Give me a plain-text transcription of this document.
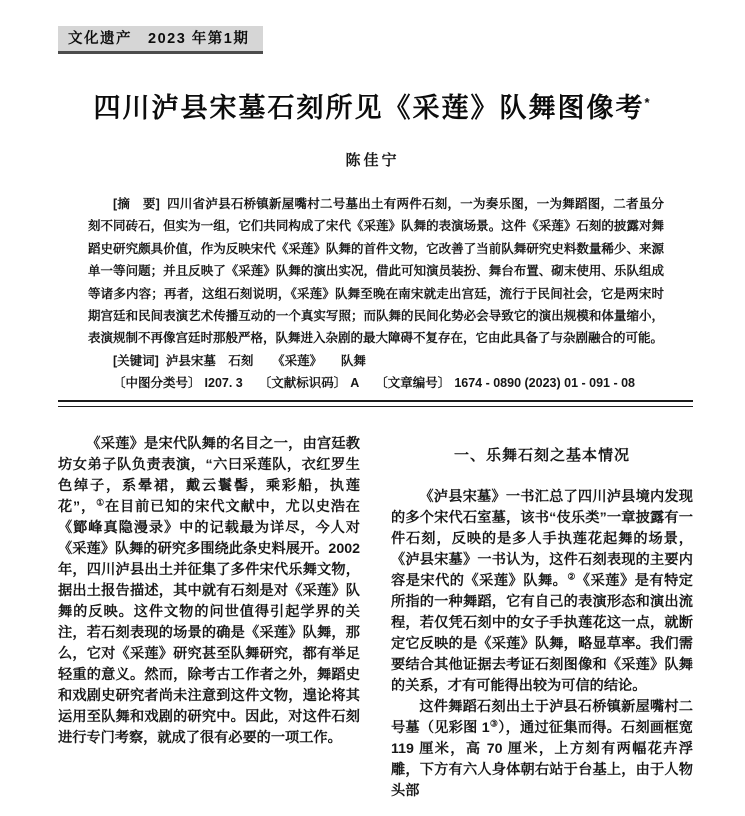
文化遗产　2023 年第1期
四川泸县宋墓石刻所见《采莲》队舞图像考*
陈佳宁

[摘　要] 四川省泸县石桥镇新屋嘴村二号墓出土有两件石刻，一为奏乐图，一为舞蹈图，二者虽分刻不同砖石，但实为一组，它们共同构成了宋代《采莲》队舞的表演场景。这件《采莲》石刻的披露对舞蹈史研究颇具价值，作为反映宋代《采莲》队舞的首件文物，它改善了当前队舞研究史料数量稀少、来源单一等问题；并且反映了《采莲》队舞的演出实况，借此可知演员装扮、舞台布置、砌末使用、乐队组成等诸多内容；再者，这组石刻说明，《采莲》队舞至晚在南宋就走出宫廷，流行于民间社会，它是两宋时期宫廷和民间表演艺术传播互动的一个真实写照；而队舞的民间化势必会导致它的演出规模和体量缩小，表演规制不再像宫廷时那般严格，队舞进入杂剧的最大障碍不复存在，它由此具备了与杂剧融合的可能。

[关键词] 泸县宋墓　石刻　　《采莲》　　队舞

〔中图分类号〕 I207. 3 〔文献标识码〕 A 〔文章编号〕 1674 - 0890 (2023) 01 - 091 - 08

《采莲》是宋代队舞的名目之一，由宫廷教坊女弟子队负责表演，“六曰采莲队，衣红罗生色绰子，系晕裙，戴云鬟髻，乘彩船，执莲花”，①在目前已知的宋代文献中，尤以史浩在《鄮峰真隐漫录》中的记载最为详尽，今人对《采莲》队舞的研究多围绕此条史料展开。2002 年，四川泸县出土并征集了多件宋代乐舞文物，据出土报告描述，其中就有石刻是对《采莲》队舞的反映。这件文物的问世值得引起学界的关注，若石刻表现的场景的确是《采莲》队舞，那么，它对《采莲》研究甚至队舞研究，都有举足轻重的意义。然而，除考古工作者之外，舞蹈史和戏剧史研究者尚未注意到这件文物，遑论将其运用至队舞和戏剧的研究中。因此，对这件石刻进行专门考察，就成了很有必要的一项工作。

一、乐舞石刻之基本情况

《泸县宋墓》一书汇总了四川泸县境内发现的多个宋代石室墓，该书“伎乐类”一章披露有一件石刻，反映的是多人手执莲花起舞的场景，《泸县宋墓》一书认为，这件石刻表现的主要内容是宋代的《采莲》队舞。②《采莲》是有特定所指的一种舞蹈，它有自己的表演形态和演出流程，若仅凭石刻中的女子手执莲花这一点，就断定它反映的是《采莲》队舞，略显草率。我们需要结合其他证据去考证石刻图像和《采莲》队舞的关系，才有可能得出较为可信的结论。

这件舞蹈石刻出土于泸县石桥镇新屋嘴村二号墓（见彩图 1③），通过征集而得。石刻画框宽 119 厘米，高 70 厘米，上方刻有两幅花卉浮雕，下方有六人身体朝右站于台基上，由于人物头部
